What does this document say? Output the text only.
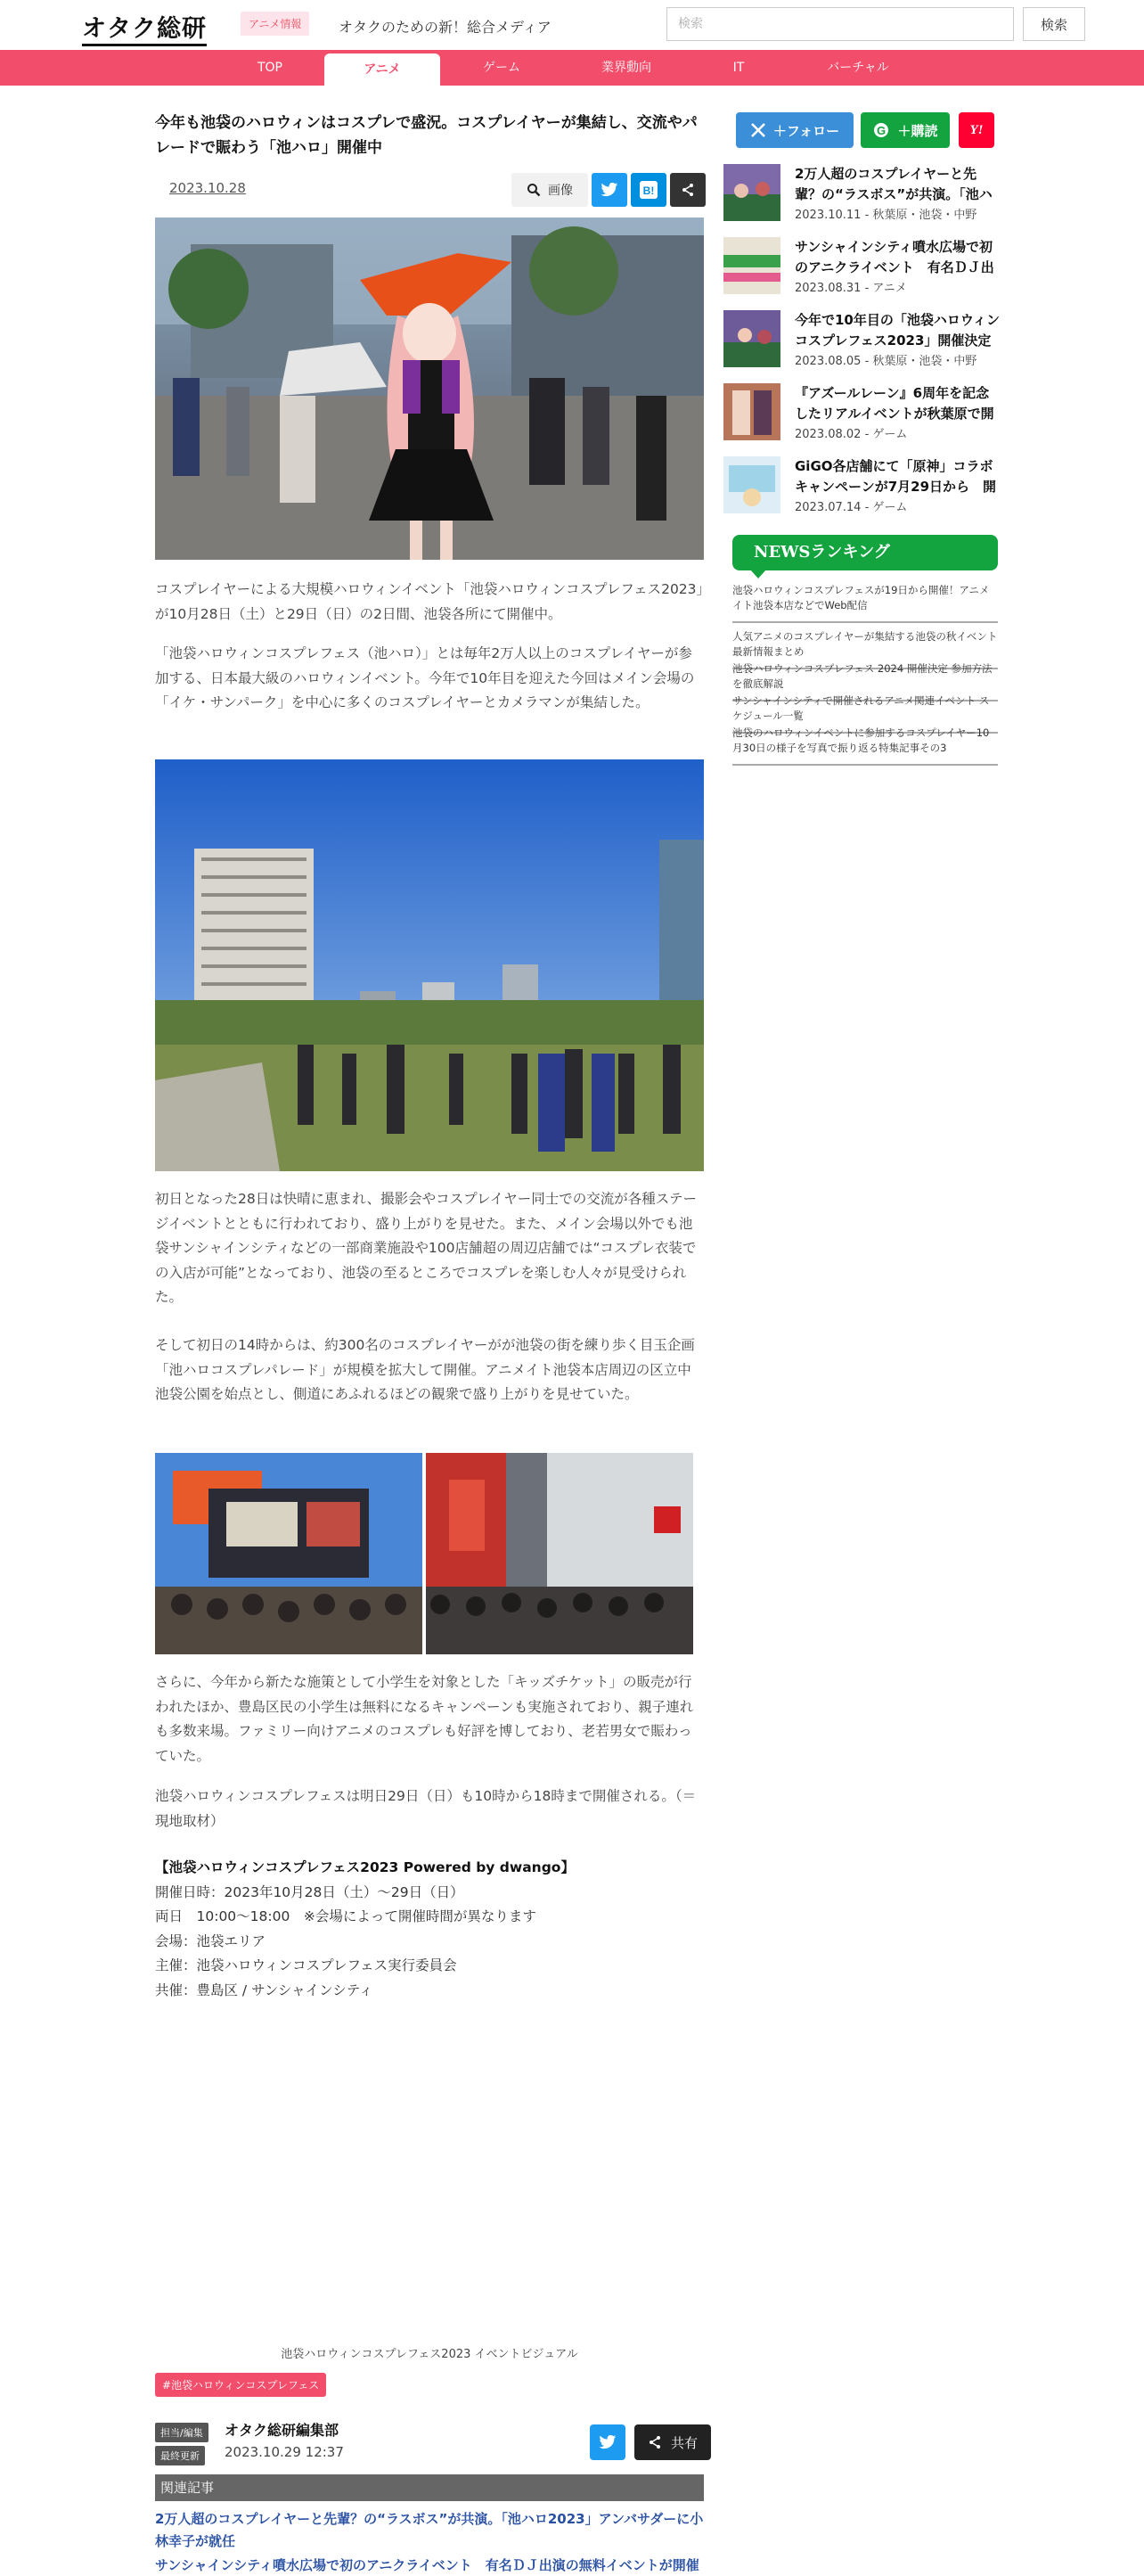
オタク総研	アニメ情報	オタクのための新！総合メディア
検索	検索
TOP	アニメ	ゲーム	業界動向	IT	バーチャル
今年も池袋のハロウィンはコスプレで盛況。コスプレイヤーが集結し、交流やパレードで賑わう「池ハロ」開催中
2023.10.28	画像	B!

コスプレイヤーによる大規模ハロウィンイベント「池袋ハロウィンコスプレフェス2023」が10月28日（土）と29日（日）の2日間、池袋各所にて開催中。

「池袋ハロウィンコスプレフェス（池ハロ）」とは毎年2万人以上のコスプレイヤーが参加する、日本最大級のハロウィンイベント。今年で10年目を迎えた今回はメイン会場の「イケ・サンパーク」を中心に多くのコスプレイヤーとカメラマンが集結した。

初日となった28日は快晴に恵まれ、撮影会やコスプレイヤー同士での交流が各種ステージイベントとともに行われており、盛り上がりを見せた。また、メイン会場以外でも池袋サンシャインシティなどの一部商業施設や100店舗超の周辺店舗では“コスプレ衣装での入店が可能”となっており、池袋の至るところでコスプレを楽しむ人々が見受けられた。

そして初日の14時からは、約300名のコスプレイヤーがが池袋の街を練り歩く目玉企画「池ハロコスプレパレード」が規模を拡大して開催。アニメイト池袋本店周辺の区立中池袋公園を始点とし、側道にあふれるほどの観衆で盛り上がりを見せていた。

さらに、今年から新たな施策として小学生を対象とした「キッズチケット」の販売が行われたほか、豊島区民の小学生は無料になるキャンペーンも実施されており、親子連れも多数来場。ファミリー向けアニメのコスプレも好評を博しており、老若男女で賑わっていた。

池袋ハロウィンコスプレフェスは明日29日（日）も10時から18時まで開催される。（＝現地取材）

【池袋ハロウィンコスプレフェス2023 Powered by dwango】
開催日時：2023年10月28日（土）〜29日（日）
両日　10:00〜18:00　※会場によって開催時間が異なります
会場：池袋エリア
主催：池袋ハロウィンコスプレフェス実行委員会
共催：豊島区 / サンシャインシティ
池袋ハロウィンコスプレフェス2023 イベントビジュアル
#池袋ハロウィンコスプレフェス
担当/編集	オタク総研編集部
最終更新	2023.10.29 12:37
共有
関連記事
2万人超のコスプレイヤーと先輩？の“ラスボス”が共演。「池ハロ2023」アンバサダーに小林幸子が就任
サンシャインシティ噴水広場で初のアニクライベント　有名ＤＪ出演の無料イベントが開催
＋フォロー	G ＋購読 Y!
2万人超のコスプレイヤーと先輩？の“ラスボス”が共演。「池ハ
2023.10.11 - 秋葉原・池袋・中野
サンシャインシティ噴水広場で初のアニクライベント　有名ＤＪ出
2023.08.31 - アニメ
今年で10年目の「池袋ハロウィンコスプレフェス2023」開催決定
2023.08.05 - 秋葉原・池袋・中野
『アズールレーン』6周年を記念したリアルイベントが秋葉原で開
2023.08.02 - ゲーム
GiGO各店舗にて「原神」コラボキャンペーンが7月29日から　開
2023.07.14 - ゲーム
NEWSランキング
池袋ハロウィンコスプレフェスが19日から開催！アニメイト池袋本店などでWeb配信
人気アニメのコスプレイヤーが集結する池袋の秋イベント最新情報まとめ
池袋ハロウィンコスプレフェス 2024 開催決定 参加方法を徹底解説
サンシャインシティで開催されるアニメ関連イベント スケジュール一覧
池袋のハロウィンイベントに参加するコスプレイヤー10月30日の様子を写真で振り返る特集記事その3
